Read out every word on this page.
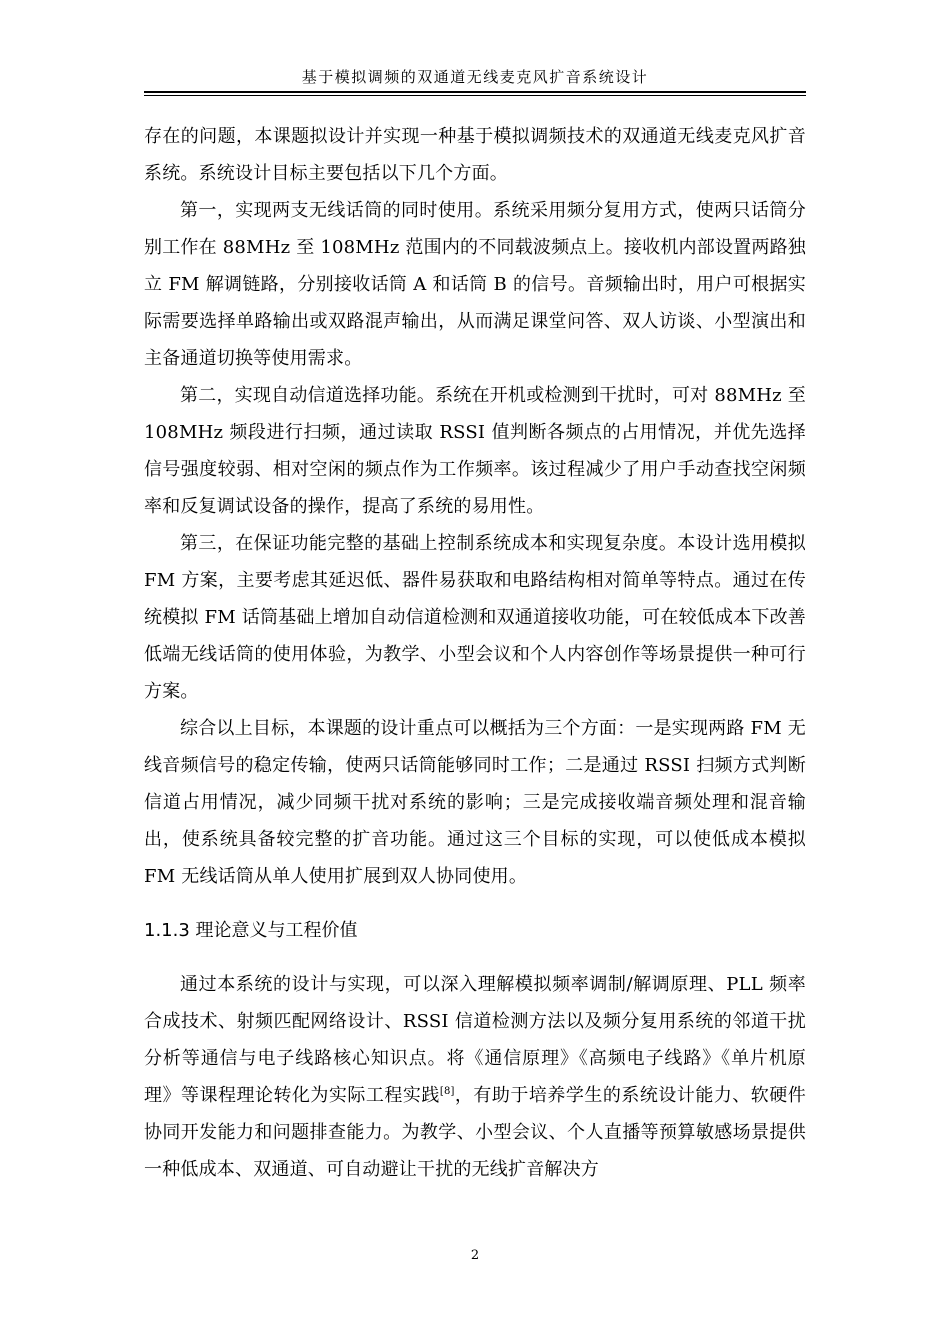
基于模拟调频的双通道无线麦克风扩音系统设计

存在的问题，本课题拟设计并实现一种基于模拟调频技术的双通道无线麦克风扩音系统。系统设计目标主要包括以下几个方面。

第一，实现两支无线话筒的同时使用。系统采用频分复用方式，使两只话筒分别工作在 88MHz 至 108MHz 范围内的不同载波频点上。接收机内部设置两路独立 FM 解调链路，分别接收话筒 A 和话筒 B 的信号。音频输出时，用户可根据实际需要选择单路输出或双路混声输出，从而满足课堂问答、双人访谈、小型演出和主备通道切换等使用需求。

第二，实现自动信道选择功能。系统在开机或检测到干扰时，可对 88MHz 至 108MHz 频段进行扫频，通过读取 RSSI 值判断各频点的占用情况，并优先选择信号强度较弱、相对空闲的频点作为工作频率。该过程减少了用户手动查找空闲频率和反复调试设备的操作，提高了系统的易用性。

第三，在保证功能完整的基础上控制系统成本和实现复杂度。本设计选用模拟 FM 方案，主要考虑其延迟低、器件易获取和电路结构相对简单等特点。通过在传统模拟 FM 话筒基础上增加自动信道检测和双通道接收功能，可在较低成本下改善低端无线话筒的使用体验，为教学、小型会议和个人内容创作等场景提供一种可行方案。

综合以上目标，本课题的设计重点可以概括为三个方面：一是实现两路 FM 无线音频信号的稳定传输，使两只话筒能够同时工作；二是通过 RSSI 扫频方式判断信道占用情况，减少同频干扰对系统的影响；三是完成接收端音频处理和混音输出，使系统具备较完整的扩音功能。通过这三个目标的实现，可以使低成本模拟 FM 无线话筒从单人使用扩展到双人协同使用。

1.1.3 理论意义与工程价值

通过本系统的设计与实现，可以深入理解模拟频率调制/解调原理、PLL 频率合成技术、射频匹配网络设计、RSSI 信道检测方法以及频分复用系统的邻道干扰分析等通信与电子线路核心知识点。将《通信原理》《高频电子线路》《单片机原理》等课程理论转化为实际工程实践[8]，有助于培养学生的系统设计能力、软硬件协同开发能力和问题排查能力。为教学、小型会议、个人直播等预算敏感场景提供一种低成本、双通道、可自动避让干扰的无线扩音解决方

2
